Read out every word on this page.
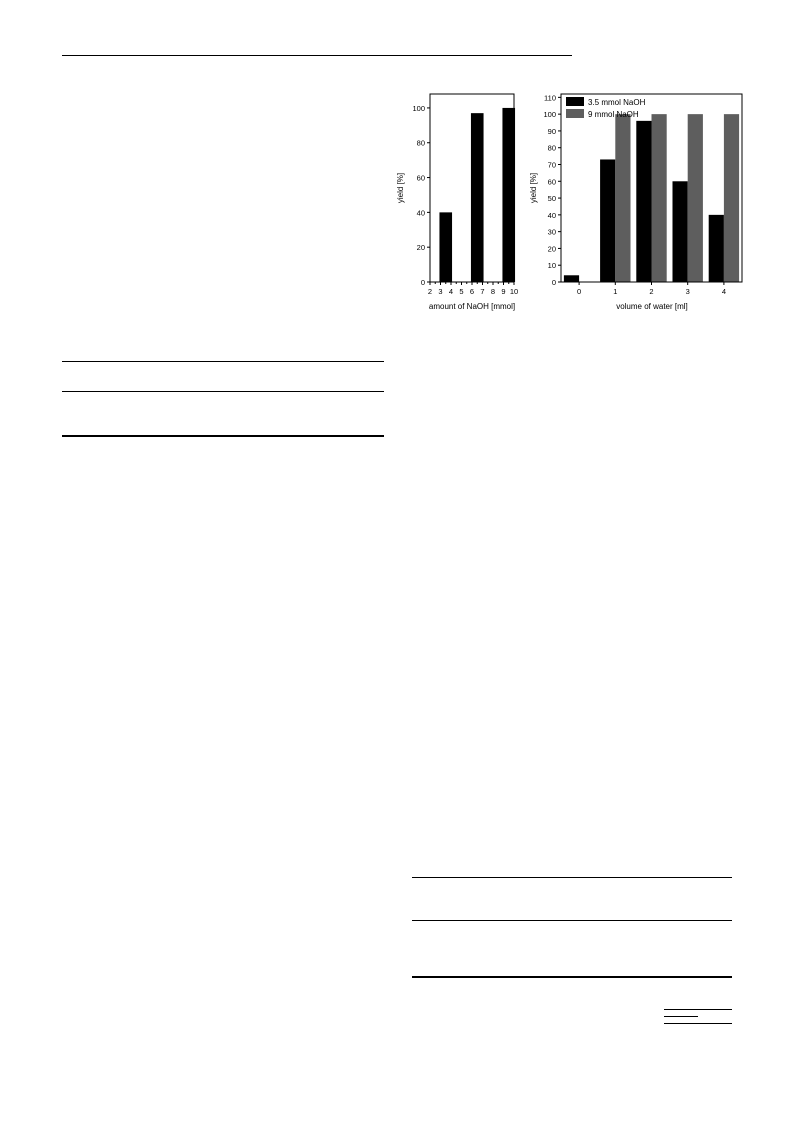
0
20
40
60
80
100
2 3 4 5 6 7 8 9 10
amount of NaOH [mmol]
yield [%]
0
10
20
30
40
50
60
70
80
90
100
110
0	1	2	3	4
3.5 mmol NaOH
9 mmol NaOH
volume of water [ml]
yield [%]
